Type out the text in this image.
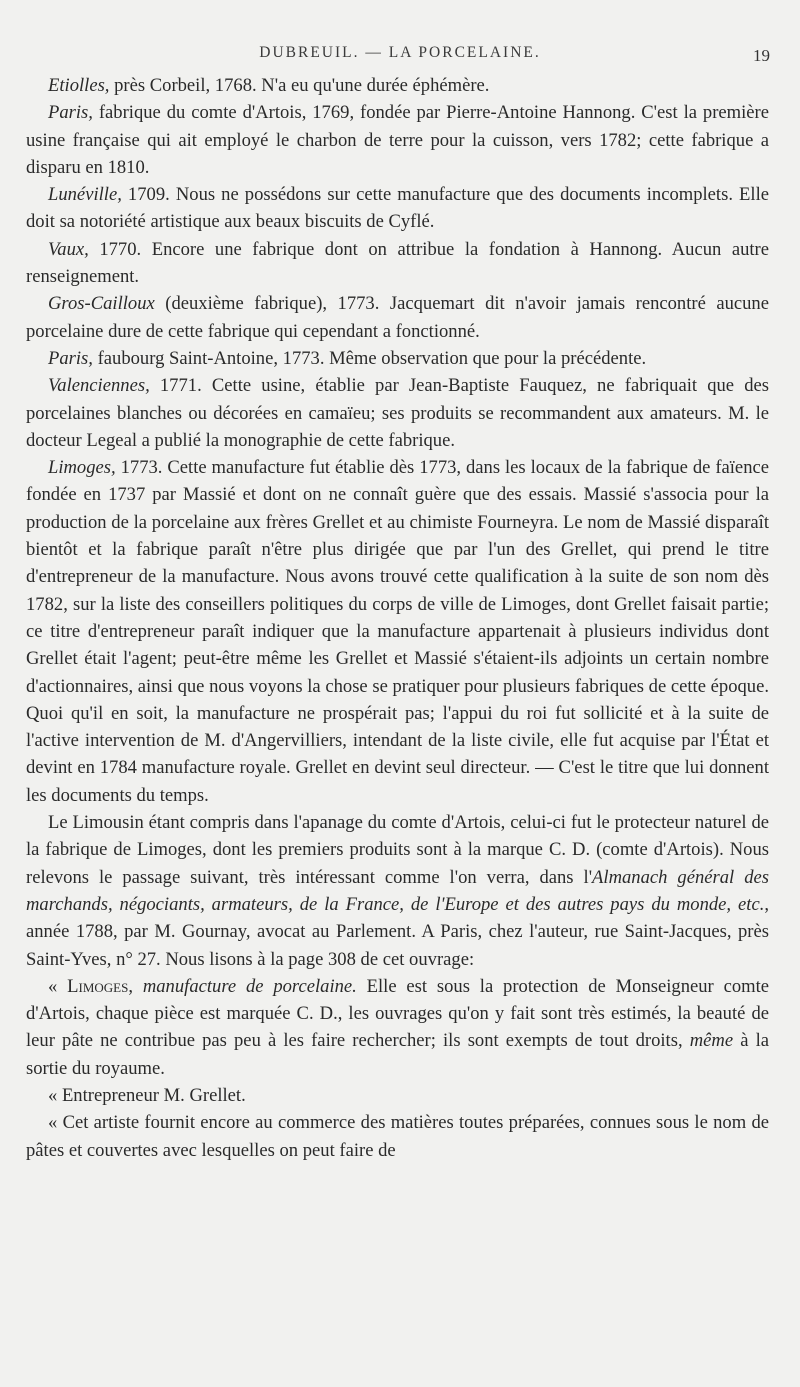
DUBREUIL. — LA PORCELAINE.	19

Etiolles, près Corbeil, 1768. N'a eu qu'une durée éphémère.

Paris, fabrique du comte d'Artois, 1769, fondée par Pierre-Antoine Hannong. C'est la première usine française qui ait employé le charbon de terre pour la cuisson, vers 1782; cette fabrique a disparu en 1810.

Lunéville, 1709. Nous ne possédons sur cette manufacture que des documents incomplets. Elle doit sa notoriété artistique aux beaux biscuits de Cyflé.

Vaux, 1770. Encore une fabrique dont on attribue la fondation à Hannong. Aucun autre renseignement.

Gros-Cailloux (deuxième fabrique), 1773. Jacquemart dit n'avoir jamais rencontré aucune porcelaine dure de cette fabrique qui cependant a fonctionné.

Paris, faubourg Saint-Antoine, 1773. Même observation que pour la précédente.

Valenciennes, 1771. Cette usine, établie par Jean-Baptiste Fauquez, ne fabriquait que des porcelaines blanches ou décorées en camaïeu; ses produits se recommandent aux amateurs. M. le docteur Legeal a publié la monographie de cette fabrique.

Limoges, 1773. Cette manufacture fut établie dès 1773, dans les locaux de la fabrique de faïence fondée en 1737 par Massié et dont on ne connaît guère que des essais. Massié s'associa pour la production de la porcelaine aux frères Grellet et au chimiste Fourneyra. Le nom de Massié disparaît bientôt et la fabrique paraît n'être plus dirigée que par l'un des Grellet, qui prend le titre d'entrepreneur de la manufacture. Nous avons trouvé cette qualification à la suite de son nom dès 1782, sur la liste des conseillers politiques du corps de ville de Limoges, dont Grellet faisait partie; ce titre d'entrepreneur paraît indiquer que la manufacture appartenait à plusieurs individus dont Grellet était l'agent; peut-être même les Grellet et Massié s'étaient-ils adjoints un certain nombre d'actionnaires, ainsi que nous voyons la chose se pratiquer pour plusieurs fabriques de cette époque. Quoi qu'il en soit, la manufacture ne prospérait pas; l'appui du roi fut sollicité et à la suite de l'active intervention de M. d'Angervilliers, intendant de la liste civile, elle fut acquise par l'État et devint en 1784 manufacture royale. Grellet en devint seul directeur. — C'est le titre que lui donnent les documents du temps.

Le Limousin étant compris dans l'apanage du comte d'Artois, celui-ci fut le protecteur naturel de la fabrique de Limoges, dont les premiers produits sont à la marque C. D. (comte d'Artois). Nous relevons le passage suivant, très intéressant comme l'on verra, dans l'Almanach général des marchands, négociants, armateurs, de la France, de l'Europe et des autres pays du monde, etc., année 1788, par M. Gournay, avocat au Parlement. A Paris, chez l'auteur, rue Saint-Jacques, près Saint-Yves, n° 27. Nous lisons à la page 308 de cet ouvrage:

« Limoges, manufacture de porcelaine. Elle est sous la protection de Monseigneur comte d'Artois, chaque pièce est marquée C. D., les ouvrages qu'on y fait sont très estimés, la beauté de leur pâte ne contribue pas peu à les faire rechercher; ils sont exempts de tout droits, même à la sortie du royaume.

« Entrepreneur M. Grellet.

« Cet artiste fournit encore au commerce des matières toutes préparées, connues sous le nom de pâtes et couvertes avec lesquelles on peut faire de
